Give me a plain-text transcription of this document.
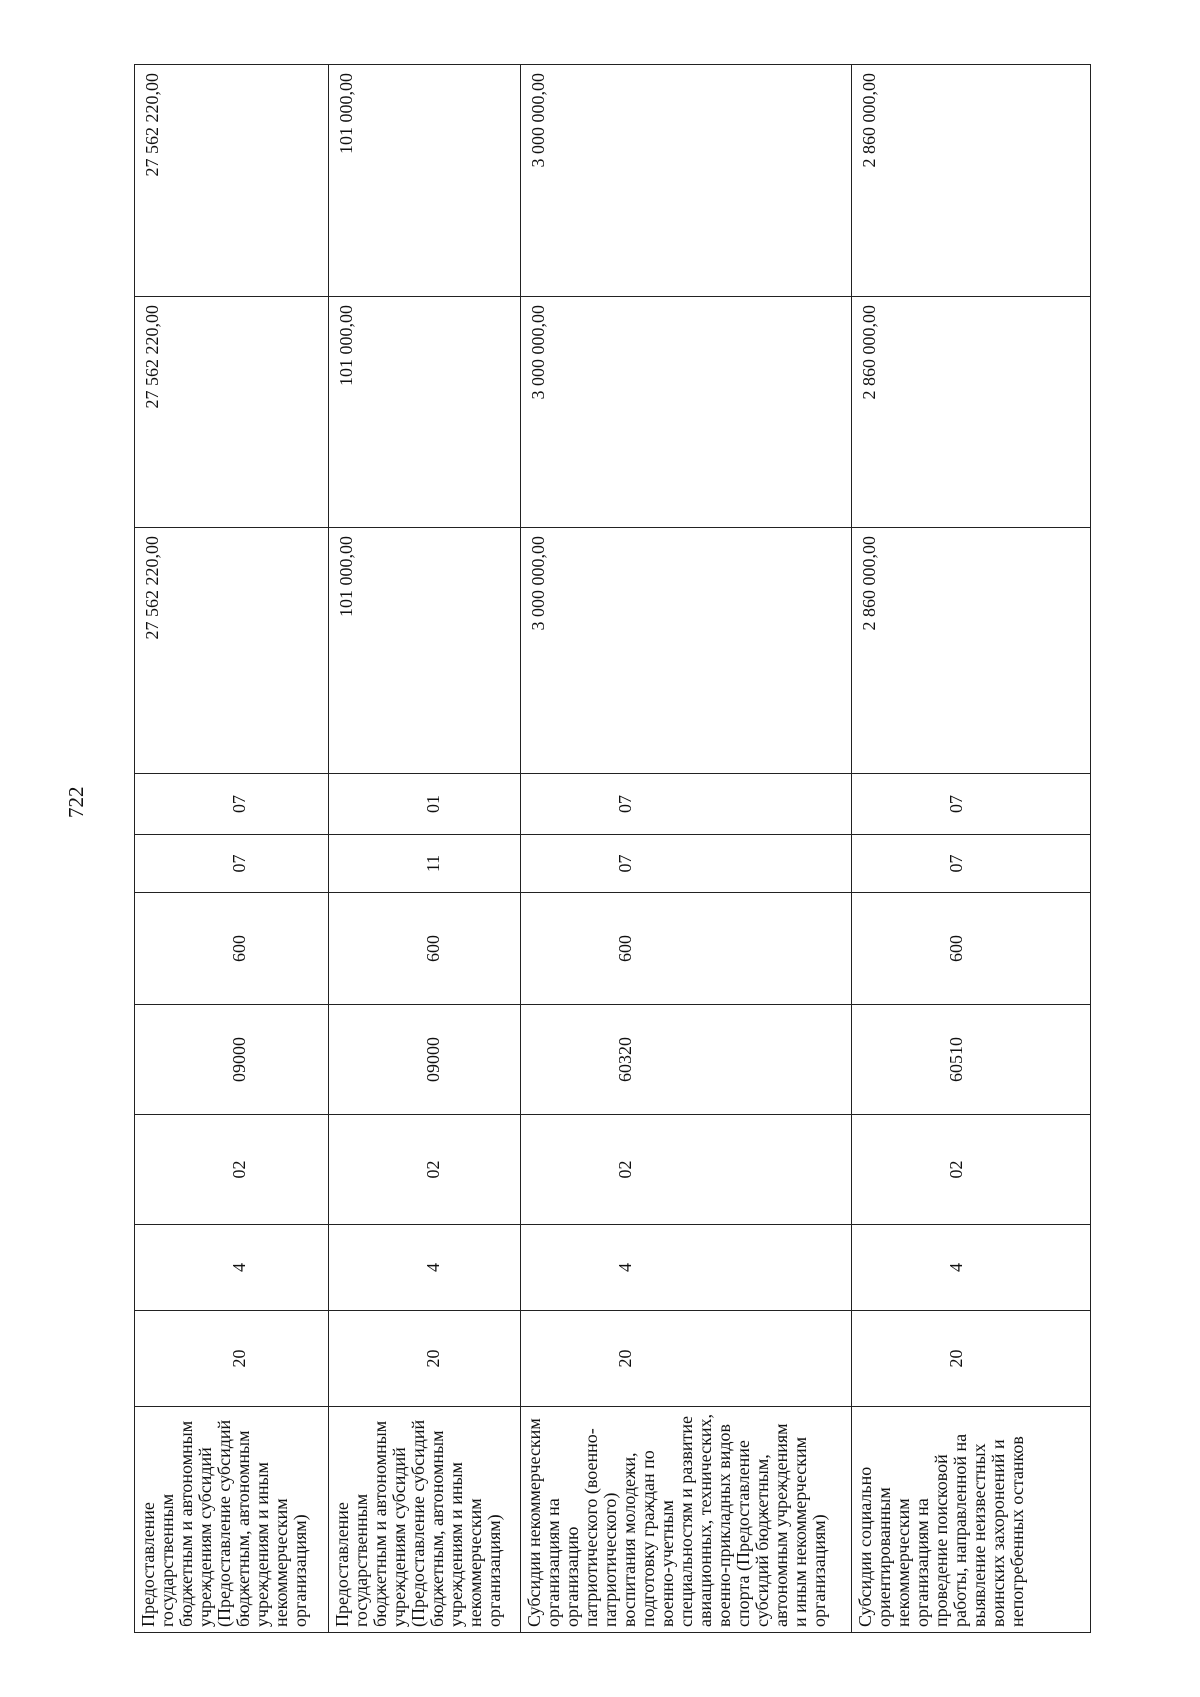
722
Предоставление государственным бюджетным и автономным учреждениям субсидий (Предоставление субсидий бюджетным, автономным учреждениям и иным некоммерческим организациям)	20	4	02	09000	600	07	07	27 562 220,00	27 562 220,00	27 562 220,00
Предоставление государственным бюджетным и автономным учреждениям субсидий (Предоставление субсидий бюджетным, автономным учреждениям и иным некоммерческим организациям)	20	4	02	09000	600	11	01	101 000,00	101 000,00	101 000,00
Субсидии некоммерческим организациям на организацию патриотического (военно-патриотического) воспитания молодежи, подготовку граждан по военно-учетным специальностям и развитие авиационных, технических, военно-прикладных видов спорта (Предоставление субсидий бюджетным, автономным учреждениям и иным некоммерческим организациям)	20	4	02	60320	600	07	07	3 000 000,00	3 000 000,00	3 000 000,00
Субсидии социально ориентированным некоммерческим организациям на проведение поисковой работы, направленной на выявление неизвестных воинских захоронений и непогребенных останков	20	4	02	60510	600	07	07	2 860 000,00	2 860 000,00	2 860 000,00
